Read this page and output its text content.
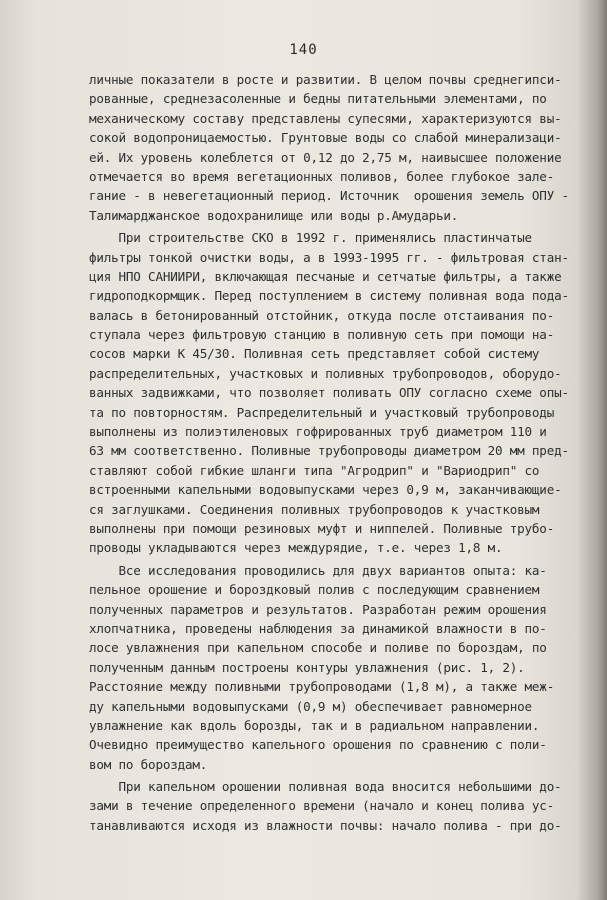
140
личные показатели в росте и развитии. В целом почвы среднегипси-
рованные, среднезасоленные и бедны питательными элементами, по
механическому составу представлены супесями, характеризуются вы-
сокой водопроницаемостью. Грунтовые воды со слабой минерализаци-
ей. Их уровень колеблется от 0,12 до 2,75 м, наивысшее положение
отмечается во время вегетационных поливов, более глубокое зале-
гание - в невегетационный период. Источник  орошения земель ОПУ -
Талимарджанское водохранилище или воды р.Амударьи.
При строительстве СКО в 1992 г. применялись пластинчатые
фильтры тонкой очистки воды, а в 1993-1995 гг. - фильтровая стан-
ция НПО САНИИРИ, включающая песчаные и сетчатые фильтры, а также
гидроподкормщик. Перед поступлением в систему поливная вода пода-
валась в бетонированный отстойник, откуда после отстаивания по-
ступала через фильтровую станцию в поливную сеть при помощи на-
сосов марки К 45/30. Поливная сеть представляет собой систему
распределительных, участковых и поливных трубопроводов, оборудо-
ванных задвижками, что позволяет поливать ОПУ согласно схеме опы-
та по повторностям. Распределительный и участковый трубопроводы
выполнены из полиэтиленовых гофрированных труб диаметром 110 и
63 мм соответственно. Поливные трубопроводы диаметром 20 мм пред-
ставляют собой гибкие шланги типа "Агродрип" и "Вариодрип" со
встроенными капельными водовыпусками через 0,9 м, заканчивающие-
ся заглушками. Соединения поливных трубопроводов к участковым
выполнены при помощи резиновых муфт и ниппелей. Поливные трубо-
проводы укладываются через междурядие, т.е. через 1,8 м.
Все исследования проводились для двух вариантов опыта: ка-
пельное орошение и бороздковый полив с последующим сравнением
полученных параметров и результатов. Разработан режим орошения
хлопчатника, проведены наблюдения за динамикой влажности в по-
лосе увлажнения при капельном способе и поливе по бороздам, по
полученным данным построены контуры увлажнения (рис. 1, 2).
Расстояние между поливными трубопроводами (1,8 м), а также меж-
ду капельными водовыпусками (0,9 м) обеспечивает равномерное
увлажнение как вдоль борозды, так и в радиальном направлении.
Очевидно преимущество капельного орошения по сравнению с поли-
вом по бороздам.
При капельном орошении поливная вода вносится небольшими до-
зами в течение определенного времени (начало и конец полива ус-
танавливаются исходя из влажности почвы: начало полива - при до-
